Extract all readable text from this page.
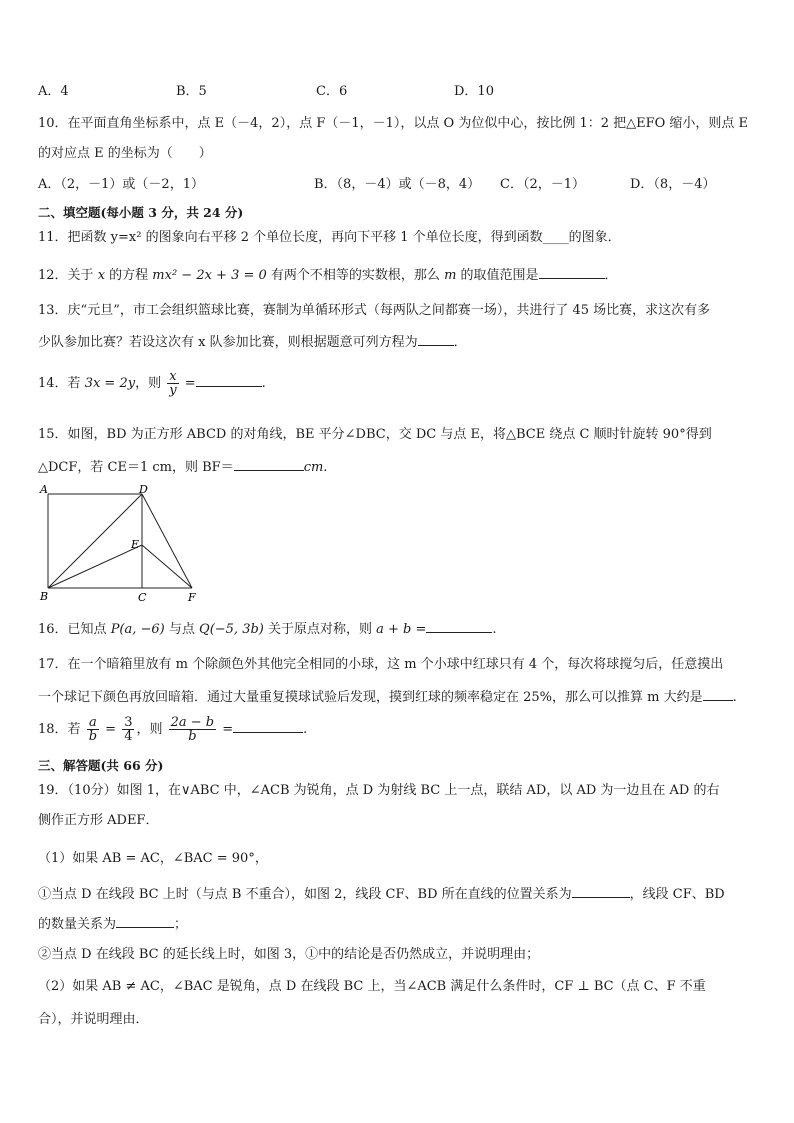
A．4	B．5	C．6	D．10
10．在平面直角坐标系中，点 E（－4，2），点 F（－1，－1），以点 O 为位似中心，按比例 1：2 把△EFO 缩小，则点 E
的对应点 E 的坐标为（　　）
A．（2，－1）或（－2，1）	B．（8，－4）或（－8，4） C．（2，－1）	D．（8，－4）
二、填空题(每小题 3 分，共 24 分)
11．把函数 y=x² 的图象向右平移 2 个单位长度，再向下平移 1 个单位长度，得到函数____的图象．
12．关于 x 的方程 mx² − 2x + 3 = 0 有两个不相等的实数根，那么 m 的取值范围是	．
13．庆“元旦”，市工会组织篮球比赛，赛制为单循环形式（每两队之间都赛一场），共进行了 45 场比赛，求这次有多
少队参加比赛？若设这次有 x 队参加比赛，则根据题意可列方程为	．
14．若 3x = 2y，则 $\frac{x}{y}$ =	.
15．如图，BD 为正方形 ABCD 的对角线，BE 平分∠DBC，交 DC 与点 E，将△BCE 绕点 C 顺时针旋转 90°得到
△DCF，若 CE＝1 cm，则 BF＝	cm.
A	D
E
B	C	F
16．已知点 P(a, −6) 与点 Q(−5, 3b) 关于原点对称，则 a + b =	.
17．在一个暗箱里放有 m 个除颜色外其他完全相同的小球，这 m 个小球中红球只有 4 个，每次将球搅匀后，任意摸出
一个球记下颜色再放回暗箱．通过大量重复摸球试验后发现，摸到红球的频率稳定在 25%，那么可以推算 m 大约是 .
18．若 $\frac{a}{b} = \frac{3}{4}$ ，则 $\frac{2a - b}{b}$ =	.
三、解答题(共 66 分)
19．（10分）如图 1，在∨ABC 中，∠ACB 为锐角，点 D 为射线 BC 上一点，联结 AD，以 AD 为一边且在 AD 的右
侧作正方形 ADEF．
（1）如果 AB = AC，∠BAC = 90°，
①当点 D 在线段 BC 上时（与点 B 不重合），如图 2，线段 CF、BD 所在直线的位置关系为	，线段 CF、BD
的数量关系为	；
②当点 D 在线段 BC 的延长线上时，如图 3，①中的结论是否仍然成立，并说明理由；
（2）如果 AB ≠ AC，∠BAC 是锐角，点 D 在线段 BC 上，当∠ACB 满足什么条件时，CF ⊥ BC（点 C、F 不重
合），并说明理由．
